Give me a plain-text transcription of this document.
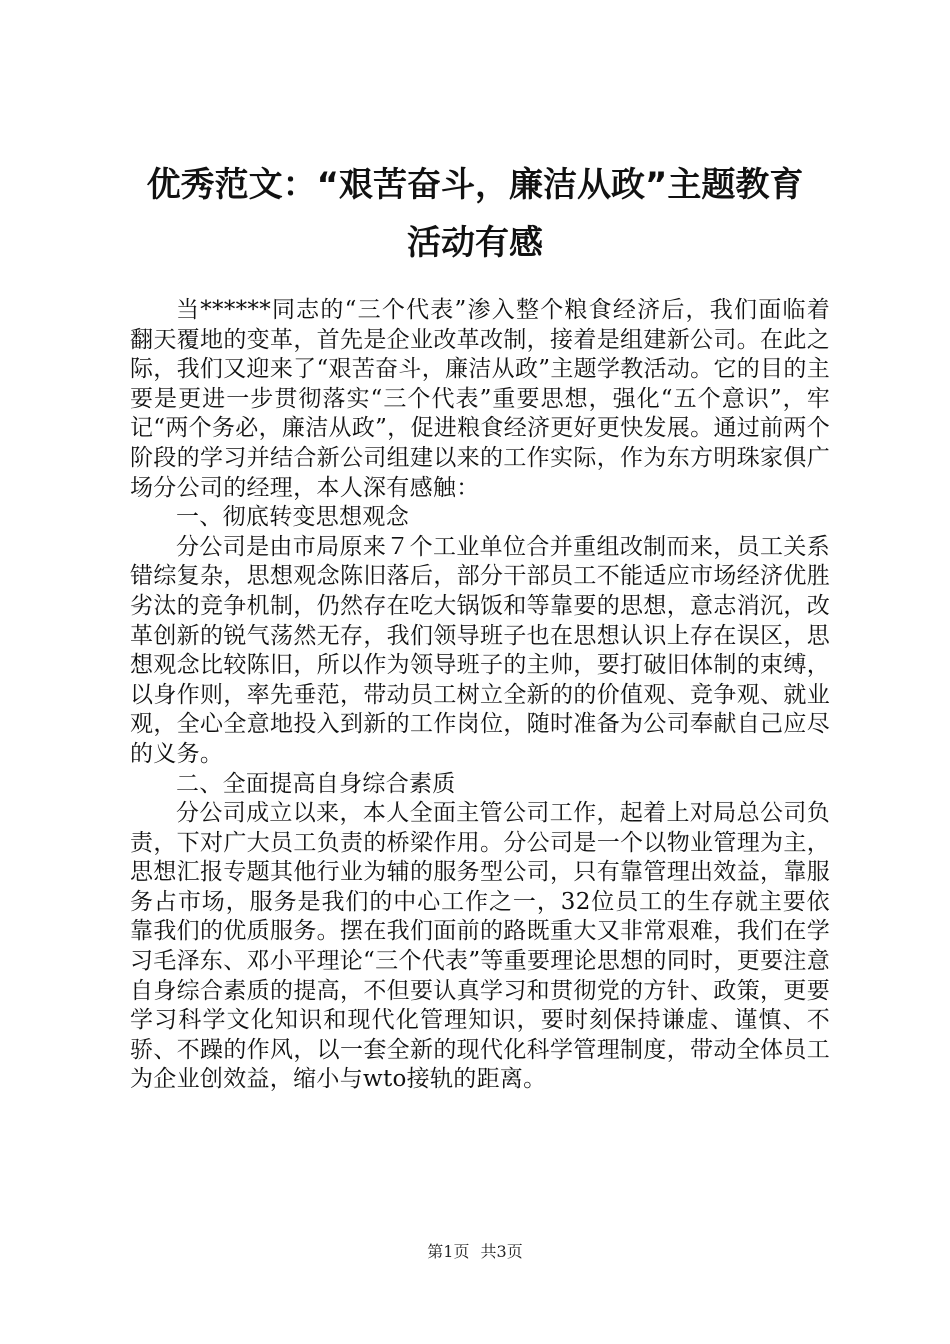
优秀范文：“艰苦奋斗，廉洁从政”主题教育
活动有感

当******同志的“三个代表”渗入整个粮食经济后，我们面临着翻天覆地的变革，首先是企业改革改制，接着是组建新公司。在此之际，我们又迎来了“艰苦奋斗，廉洁从政”主题学教活动。它的目的主要是更进一步贯彻落实“三个代表”重要思想，强化“五个意识”，牢记“两个务必，廉洁从政”，促进粮食经济更好更快发展。通过前两个阶段的学习并结合新公司组建以来的工作实际，作为东方明珠家俱广场分公司的经理，本人深有感触：

一、彻底转变思想观念

分公司是由市局原来７个工业单位合并重组改制而来，员工关系错综复杂，思想观念陈旧落后，部分干部员工不能适应市场经济优胜劣汰的竞争机制，仍然存在吃大锅饭和等靠要的思想，意志消沉，改革创新的锐气荡然无存，我们领导班子也在思想认识上存在误区，思想观念比较陈旧，所以作为领导班子的主帅，要打破旧体制的束缚，以身作则，率先垂范，带动员工树立全新的的价值观、竞争观、就业观，全心全意地投入到新的工作岗位，随时准备为公司奉献自己应尽的义务。

二、全面提高自身综合素质

分公司成立以来，本人全面主管公司工作，起着上对局总公司负责，下对广大员工负责的桥梁作用。分公司是一个以物业管理为主，思想汇报专题其他行业为辅的服务型公司，只有靠管理出效益，靠服务占市场，服务是我们的中心工作之一，32位员工的生存就主要依靠我们的优质服务。摆在我们面前的路既重大又非常艰难，我们在学习毛泽东、邓小平理论“三个代表”等重要理论思想的同时，更要注意自身综合素质的提高，不但要认真学习和贯彻党的方针、政策，更要学习科学文化知识和现代化管理知识，要时刻保持谦虚、谨慎、不骄、不躁的作风，以一套全新的现代化科学管理制度，带动全体员工为企业创效益，缩小与wto接轨的距离。

第1页 共3页
